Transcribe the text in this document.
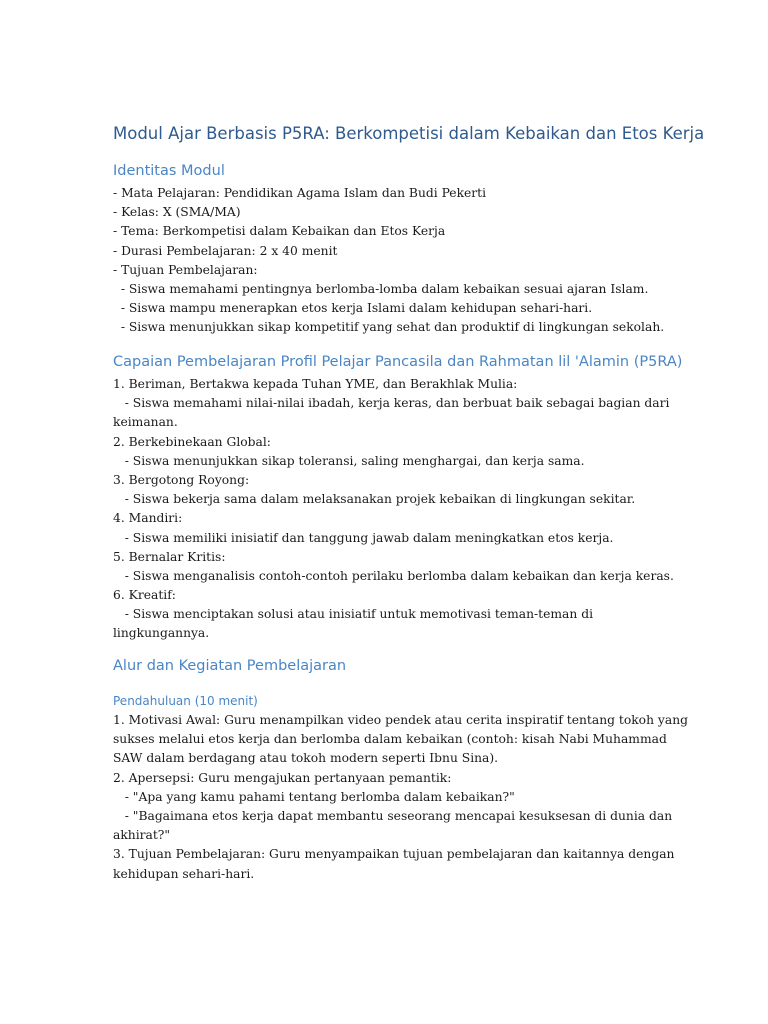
Modul Ajar Berbasis P5RA: Berkompetisi dalam Kebaikan dan Etos Kerja
Identitas Modul
- Mata Pelajaran: Pendidikan Agama Islam dan Budi Pekerti
- Kelas: X (SMA/MA)
- Tema: Berkompetisi dalam Kebaikan dan Etos Kerja
- Durasi Pembelajaran: 2 x 40 menit
- Tujuan Pembelajaran:
- Siswa memahami pentingnya berlomba-lomba dalam kebaikan sesuai ajaran Islam.
- Siswa mampu menerapkan etos kerja Islami dalam kehidupan sehari-hari.
- Siswa menunjukkan sikap kompetitif yang sehat dan produktif di lingkungan sekolah.
Capaian Pembelajaran Profil Pelajar Pancasila dan Rahmatan lil 'Alamin (P5RA)
1. Beriman, Bertakwa kepada Tuhan YME, dan Berakhlak Mulia:
- Siswa memahami nilai-nilai ibadah, kerja keras, dan berbuat baik sebagai bagian dari
keimanan.
2. Berkebinekaan Global:
- Siswa menunjukkan sikap toleransi, saling menghargai, dan kerja sama.
3. Bergotong Royong:
- Siswa bekerja sama dalam melaksanakan projek kebaikan di lingkungan sekitar.
4. Mandiri:
- Siswa memiliki inisiatif dan tanggung jawab dalam meningkatkan etos kerja.
5. Bernalar Kritis:
- Siswa menganalisis contoh-contoh perilaku berlomba dalam kebaikan dan kerja keras.
6. Kreatif:
- Siswa menciptakan solusi atau inisiatif untuk memotivasi teman-teman di
lingkungannya.
Alur dan Kegiatan Pembelajaran
Pendahuluan (10 menit)
1. Motivasi Awal: Guru menampilkan video pendek atau cerita inspiratif tentang tokoh yang
sukses melalui etos kerja dan berlomba dalam kebaikan (contoh: kisah Nabi Muhammad
SAW dalam berdagang atau tokoh modern seperti Ibnu Sina).
2. Apersepsi: Guru mengajukan pertanyaan pemantik:
- "Apa yang kamu pahami tentang berlomba dalam kebaikan?"
- "Bagaimana etos kerja dapat membantu seseorang mencapai kesuksesan di dunia dan
akhirat?"
3. Tujuan Pembelajaran: Guru menyampaikan tujuan pembelajaran dan kaitannya dengan
kehidupan sehari-hari.
